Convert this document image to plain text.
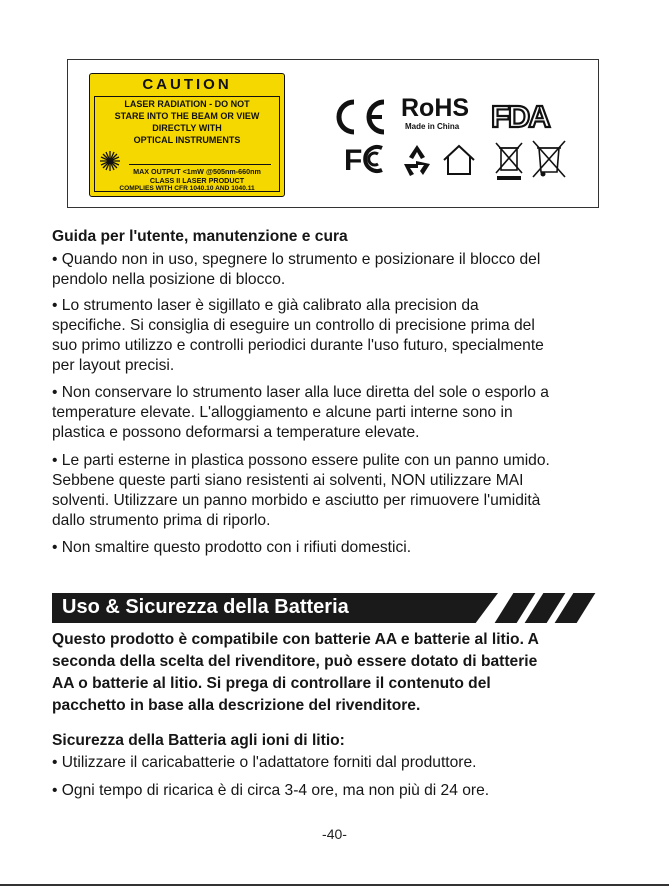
CAUTION
LASER RADIATION - DO NOT
STARE INTO THE BEAM OR VIEW
DIRECTLY WITH
OPTICAL INSTRUMENTS
MAX OUTPUT <1mW @505nm-660nm
CLASS II LASER PRODUCT
COMPLIES WITH CFR 1040.10 AND 1040.11
RoHS
Made in China FDA
F
Guida per l'utente, manutenzione e cura
• Quando non in uso, spegnere lo strumento e posizionare il blocco del
pendolo nella posizione di blocco.
• Lo strumento laser è sigillato e già calibrato alla precision da
specifiche. Si consiglia di eseguire un controllo di precisione prima del
suo primo utilizzo e controlli periodici durante l'uso futuro, specialmente
per layout precisi.
• Non conservare lo strumento laser alla luce diretta del sole o esporlo a
temperature elevate. L'alloggiamento e alcune parti interne sono in
plastica e possono deformarsi a temperature elevate.
• Le parti esterne in plastica possono essere pulite con un panno umido.
Sebbene queste parti siano resistenti ai solventi, NON utilizzare MAI
solventi. Utilizzare un panno morbido e asciutto per rimuovere l'umidità
dallo strumento prima di riporlo.
• Non smaltire questo prodotto con i rifiuti domestici.
Uso & Sicurezza della Batteria
Questo prodotto è compatibile con batterie AA e batterie al litio. A
seconda della scelta del rivenditore, può essere dotato di batterie
AA o batterie al litio. Si prega di controllare il contenuto del
pacchetto in base alla descrizione del rivenditore.
Sicurezza della Batteria agli ioni di litio:
• Utilizzare il caricabatterie o l'adattatore forniti dal produttore.
• Ogni tempo di ricarica è di circa 3-4 ore, ma non più di 24 ore.
-40-
